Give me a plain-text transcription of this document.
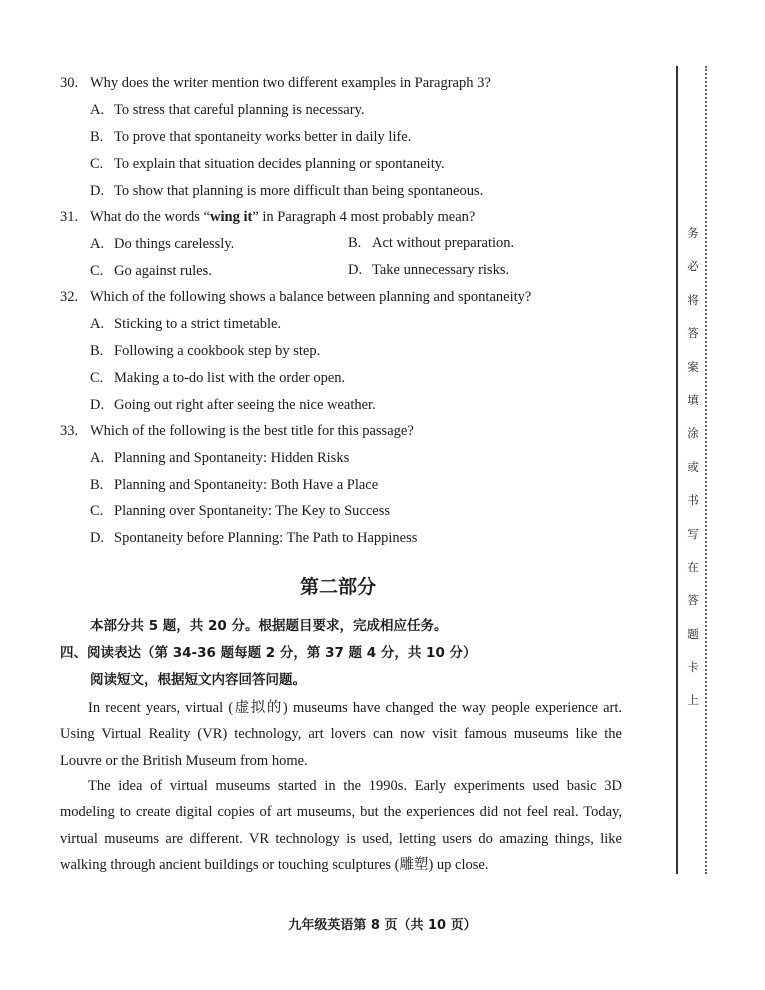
30. Why does the writer mention two different examples in Paragraph 3?
A. To stress that careful planning is necessary.
B. To prove that spontaneity works better in daily life.
C. To explain that situation decides planning or spontaneity.
D. To show that planning is more difficult than being spontaneous.
31. What do the words “wing it” in Paragraph 4 most probably mean?
A. Do things carelessly.	B. Act without preparation.
C. Go against rules.	D. Take unnecessary risks.
32. Which of the following shows a balance between planning and spontaneity?
A. Sticking to a strict timetable.
B. Following a cookbook step by step.
C. Making a to-do list with the order open.
D. Going out right after seeing the nice weather.
33. Which of the following is the best title for this passage?
A. Planning and Spontaneity: Hidden Risks
B. Planning and Spontaneity: Both Have a Place
C. Planning over Spontaneity: The Key to Success
D. Spontaneity before Planning: The Path to Happiness
第二部分
本部分共 5 题，共 20 分。根据题目要求，完成相应任务。
四、阅读表达（第 34-36 题每题 2 分，第 37 题 4 分，共 10 分）
阅读短文，根据短文内容回答问题。
In recent years, virtual (虚拟的) museums have changed the way people experience art. Using Virtual Reality (VR) technology, art lovers can now visit famous museums like the Louvre or the British Museum from home.
The idea of virtual museums started in the 1990s. Early experiments used basic 3D modeling to create digital copies of art museums, but the experiences did not feel real. Today, virtual museums are different. VR technology is used, letting users do amazing things, like walking through ancient buildings or touching sculptures (雕塑) up close.
务
必
将
答
案
填
涂
或
书
写
在
答
题
卡
上
九年级英语第 8 页（共 10 页）
